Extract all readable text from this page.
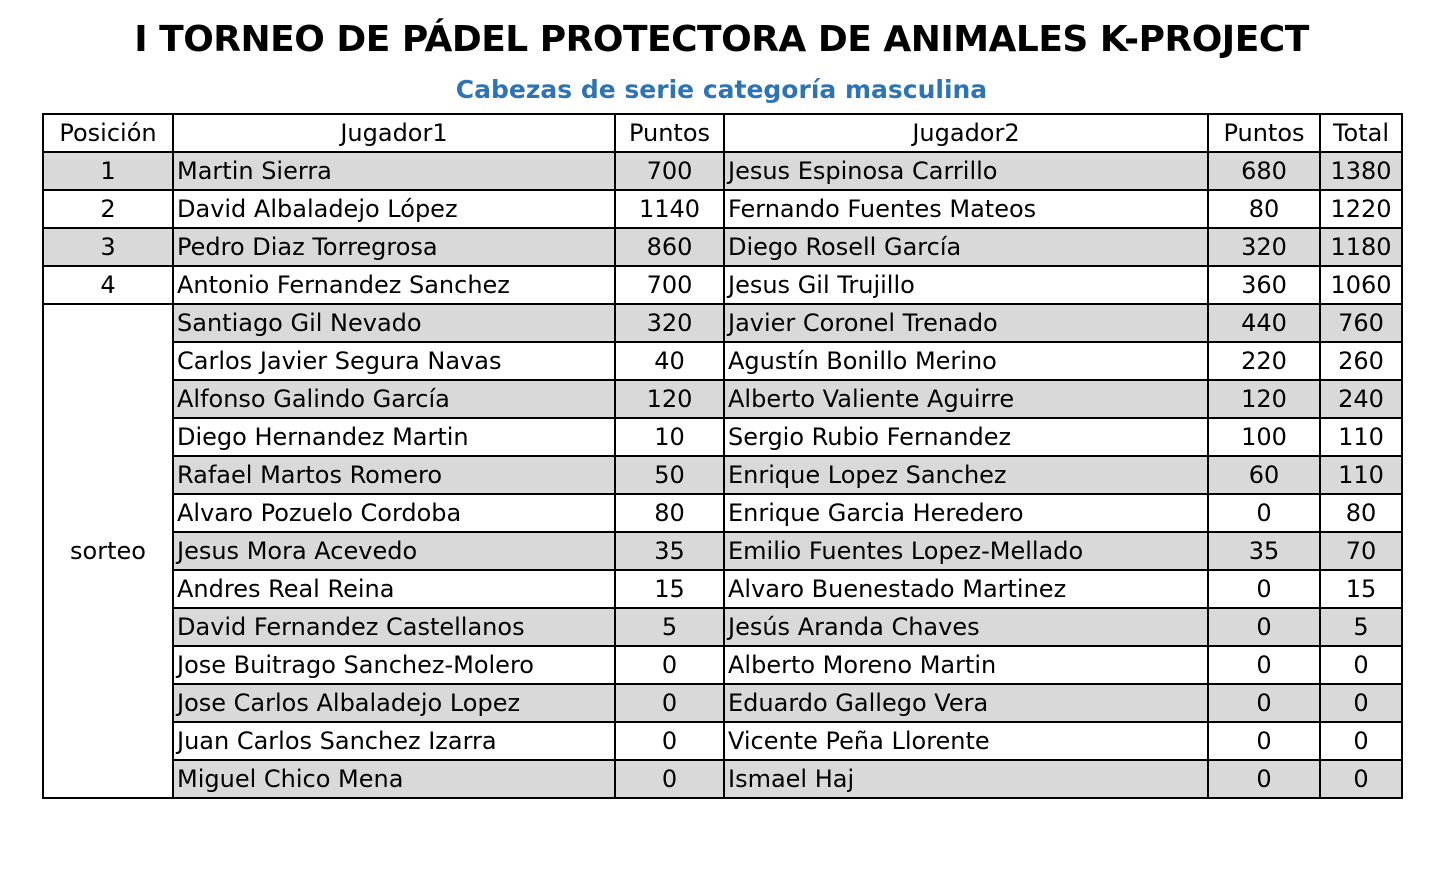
I TORNEO DE PÁDEL PROTECTORA DE ANIMALES K-PROJECT
Cabezas de serie categoría masculina
Posición	Jugador1	Puntos	Jugador2	Puntos	Total
1	Martin Sierra	700	Jesus Espinosa Carrillo	680	1380
2	David Albaladejo López	1140	Fernando Fuentes Mateos	80	1220
3	Pedro Diaz Torregrosa	860	Diego Rosell García	320	1180
4	Antonio Fernandez Sanchez	700	Jesus Gil Trujillo	360	1060
sorteo	Santiago Gil Nevado	320	Javier Coronel Trenado	440	760
	Carlos Javier Segura Navas	40	Agustín Bonillo Merino	220	260
	Alfonso Galindo García	120	Alberto Valiente Aguirre	120	240
	Diego Hernandez Martin	10	Sergio Rubio Fernandez	100	110
	Rafael Martos Romero	50	Enrique Lopez Sanchez	60	110
	Alvaro Pozuelo Cordoba	80	Enrique Garcia Heredero	0	80
	Jesus Mora Acevedo	35	Emilio Fuentes Lopez-Mellado	35	70
	Andres Real Reina	15	Alvaro Buenestado Martinez	0	15
	David Fernandez Castellanos	5	Jesús Aranda Chaves	0	5
	Jose Buitrago Sanchez-Molero	0	Alberto Moreno Martin	0	0
	Jose Carlos Albaladejo Lopez	0	Eduardo Gallego Vera	0	0
	Juan Carlos Sanchez Izarra	0	Vicente Peña Llorente	0	0
	Miguel Chico Mena	0	Ismael Haj	0	0
